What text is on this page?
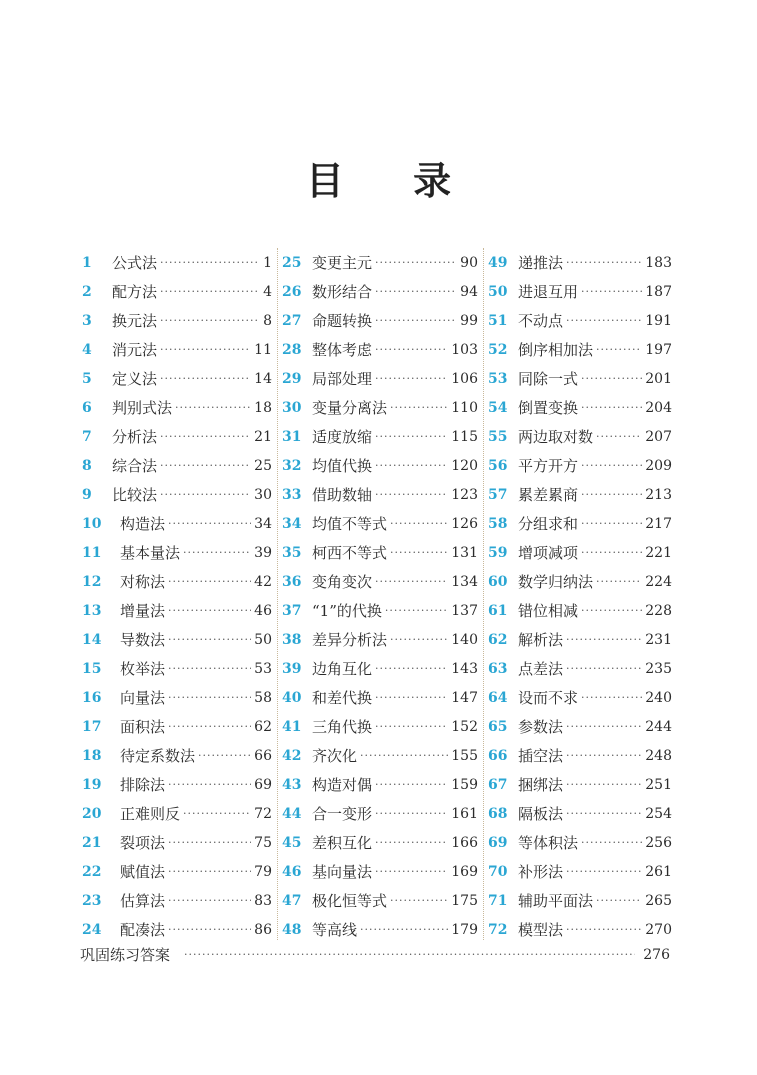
目 录
1	公式法 ·····	1
2	配方法 ·····	4
3	换元法 ·····	8
4	消元法 ·····	11
5	定义法 ·····	14
6	判别式法 ·····	18
7	分析法 ·····	21
8	综合法 ·····	25
9	比较法 ·····	30
10	构造法 ·····	34
11	基本量法 ·····	39
12	对称法 ·····	42
13	增量法 ·····	46
14	导数法 ·····	50
15	枚举法 ·····	53
16	向量法 ·····	58
17	面积法 ·····	62
18	待定系数法 ·····	66
19	排除法 ·····	69
20	正难则反 ·····	72
21	裂项法 ·····	75
22	赋值法 ·····	79
23	估算法 ·····	83
24	配凑法 ·····	86
25 变更主元 ·····	90
26 数形结合 ·····	94
27 命题转换 ·····	99
28 整体考虑 ·····	103
29 局部处理 ·····	106
30 变量分离法 ·····	110
31 适度放缩 ·····	115
32 均值代换 ·····	120
33 借助数轴 ·····	123
34 均值不等式 ·····	126
35 柯西不等式 ·····	131
36 变角变次 ·····	134
37 “1”的代换 ·····	137
38 差异分析法 ·····	140
39 边角互化 ·····	143
40 和差代换 ·····	147
41 三角代换 ·····	152
42 齐次化 ·····	155
43 构造对偶 ·····	159
44 合一变形 ·····	161
45 差积互化 ·····	166
46 基向量法 ·····	169
47 极化恒等式 ·····	175
48 等高线 ·····	179
49 递推法 ·····	183
50 进退互用 ·····	187
51 不动点 ·····	191
52 倒序相加法 ·····	197
53 同除一式 ·····	201
54 倒置变换 ·····	204
55 两边取对数 ·····	207
56 平方开方 ·····	209
57 累差累商 ·····	213
58 分组求和 ·····	217
59 增项减项 ·····	221
60 数学归纳法 ·····	224
61 错位相减 ·····	228
62 解析法 ·····	231
63 点差法 ·····	235
64 设而不求 ·····	240
65 参数法 ·····	244
66 插空法 ·····	248
67 捆绑法 ·····	251
68 隔板法 ·····	254
69 等体积法 ·····	256
70 补形法 ·····	261
71 辅助平面法 ·····	265
72 模型法 ·····	270
巩固练习答案 ·····	276
